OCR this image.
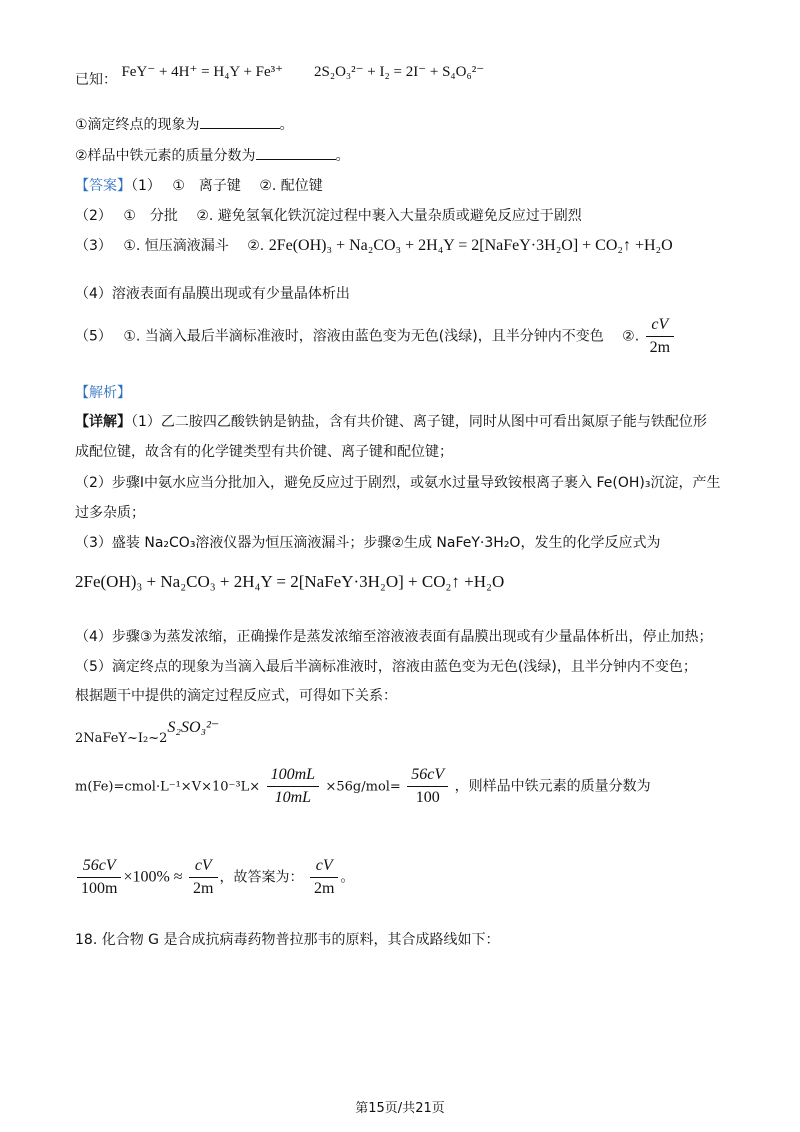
已知： FeY⁻ + 4H⁺ = H₄Y + Fe³⁺ 2S₂O₃²⁻ + I₂ = 2I⁻ + S₄O₆²⁻
①滴定终点的现象为	。
②样品中铁元素的质量分数为	。
【答案】（1）　 ①　离子键　 ②. 配位键
（2）　 ①　分批　 ②. 避免氢氧化铁沉淀过程中裹入大量杂质或避免反应过于剧烈
（3）　 ①. 恒压滴液漏斗　 ②. 2Fe(OH)₃ + Na₂CO₃ + 2H₄Y = 2[NaFeY·3H₂O] + CO₂↑ +H₂O
（4）溶液表面有晶膜出现或有少量晶体析出
（5）　 ①. 当滴入最后半滴标准液时，溶液由蓝色变为无色(浅绿)，且半分钟内不变色　 ②. $\frac{cV}{2m}$
【解析】
【详解】（1）乙二胺四乙酸铁钠是钠盐，含有共价键、离子键，同时从图中可看出氮原子能与铁配位形
成配位键，故含有的化学键类型有共价键、离子键和配位键；
（2）步骤Ⅰ中氨水应当分批加入，避免反应过于剧烈，或氨水过量导致铵根离子裹入 Fe(OH)₃沉淀，产生
过多杂质；
（3）盛装 Na₂CO₃溶液仪器为恒压滴液漏斗；步骤②生成 NaFeY·3H₂O，发生的化学反应式为
2Fe(OH)₃ + Na₂CO₃ + 2H₄Y = 2[NaFeY·3H₂O] + CO₂↑ +H₂O
（4）步骤③为蒸发浓缩，正确操作是蒸发浓缩至溶液液表面有晶膜出现或有少量晶体析出，停止加热；
（5）滴定终点的现象为当滴入最后半滴标准液时，溶液由蓝色变为无色(浅绿)，且半分钟内不变色；
根据题干中提供的滴定过程反应式，可得如下关系：
2NaFeY~I₂~2S₂SO₃²⁻
m(Fe)=cmol·L⁻¹×V×10⁻³L× $\frac{100mL}{10mL} \times 56g/mol= \frac{56cV}{100}$ ，则样品中铁元素的质量分数为
$\frac{56cV}{100m} \times 100\% \approx \frac{cV}{2m}$ ，故答案为： $\frac{cV}{2m}$ 。
18. 化合物 G 是合成抗病毒药物普拉那韦的原料，其合成路线如下：
第15页/共21页
